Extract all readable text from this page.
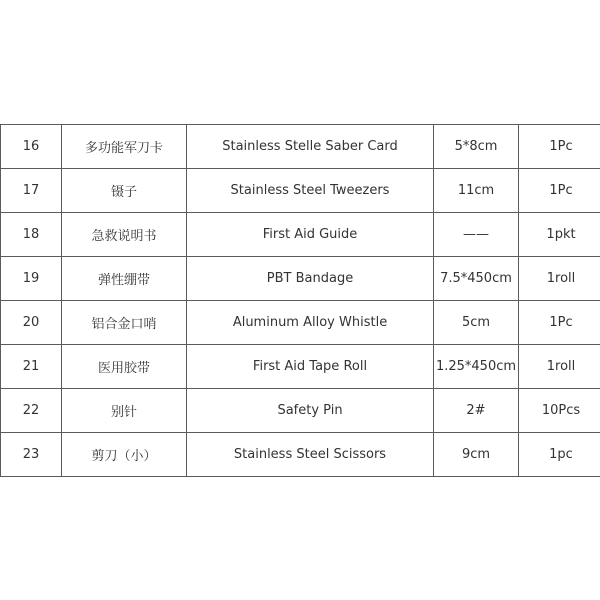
16	多功能军刀卡	Stainless Stelle Saber Card	5*8cm	1Pc
17	镊子	Stainless Steel Tweezers	11cm	1Pc
18	急救说明书	First Aid Guide	——	1pkt
19	弹性绷带	PBT Bandage	7.5*450cm	1roll
20	铝合金口哨	Aluminum Alloy Whistle	5cm	1Pc
21	医用胶带	First Aid Tape Roll	1.25*450cm	1roll
22	别针	Safety Pin	2#	10Pcs
23	剪刀（小）	Stainless Steel Scissors	9cm	1pc
